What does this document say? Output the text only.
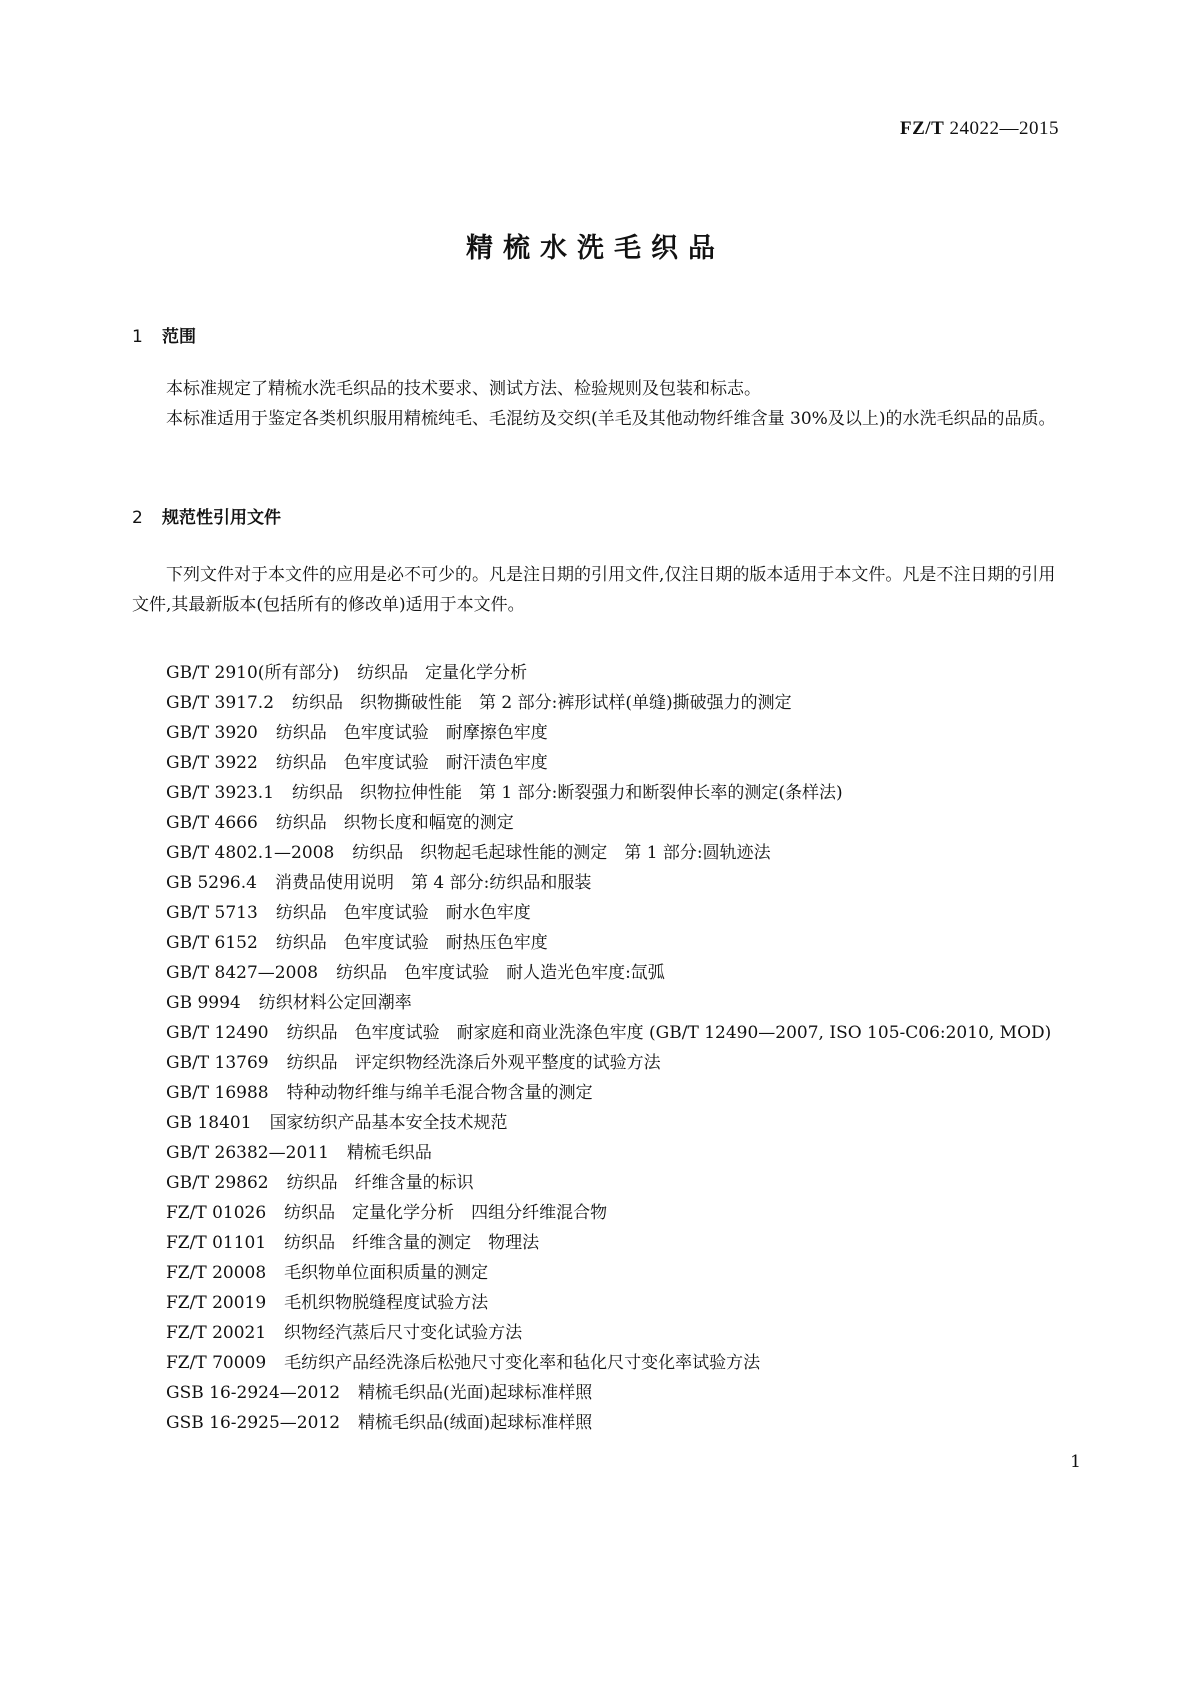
FZ/T 24022—2015
精梳水洗毛织品
1 范围
本标准规定了精梳水洗毛织品的技术要求、测试方法、检验规则及包装和标志。
本标准适用于鉴定各类机织服用精梳纯毛、毛混纺及交织(羊毛及其他动物纤维含量 30%及以上)的水洗毛织品的品质。
2 规范性引用文件
下列文件对于本文件的应用是必不可少的。凡是注日期的引用文件,仅注日期的版本适用于本文件。凡是不注日期的引用文件,其最新版本(包括所有的修改单)适用于本文件。
GB/T 2910(所有部分) 纺织品　定量化学分析
GB/T 3917.2 纺织品　织物撕破性能　第 2 部分:裤形试样(单缝)撕破强力的测定
GB/T 3920 纺织品　色牢度试验　耐摩擦色牢度
GB/T 3922 纺织品　色牢度试验　耐汗渍色牢度
GB/T 3923.1 纺织品　织物拉伸性能　第 1 部分:断裂强力和断裂伸长率的测定(条样法)
GB/T 4666 纺织品　织物长度和幅宽的测定
GB/T 4802.1—2008 纺织品　织物起毛起球性能的测定　第 1 部分:圆轨迹法
GB 5296.4 消费品使用说明　第 4 部分:纺织品和服装
GB/T 5713 纺织品　色牢度试验　耐水色牢度
GB/T 6152 纺织品　色牢度试验　耐热压色牢度
GB/T 8427—2008 纺织品　色牢度试验　耐人造光色牢度:氙弧
GB 9994 纺织材料公定回潮率
GB/T 12490 纺织品　色牢度试验　耐家庭和商业洗涤色牢度 (GB/T 12490—2007, ISO 105-C06:2010, MOD)
GB/T 13769 纺织品　评定织物经洗涤后外观平整度的试验方法
GB/T 16988 特种动物纤维与绵羊毛混合物含量的测定
GB 18401 国家纺织产品基本安全技术规范
GB/T 26382—2011 精梳毛织品
GB/T 29862 纺织品　纤维含量的标识
FZ/T 01026 纺织品　定量化学分析　四组分纤维混合物
FZ/T 01101 纺织品　纤维含量的测定　物理法
FZ/T 20008 毛织物单位面积质量的测定
FZ/T 20019 毛机织物脱缝程度试验方法
FZ/T 20021 织物经汽蒸后尺寸变化试验方法
FZ/T 70009 毛纺织产品经洗涤后松弛尺寸变化率和毡化尺寸变化率试验方法
GSB 16-2924—2012 精梳毛织品(光面)起球标准样照
GSB 16-2925—2012 精梳毛织品(绒面)起球标准样照
1
